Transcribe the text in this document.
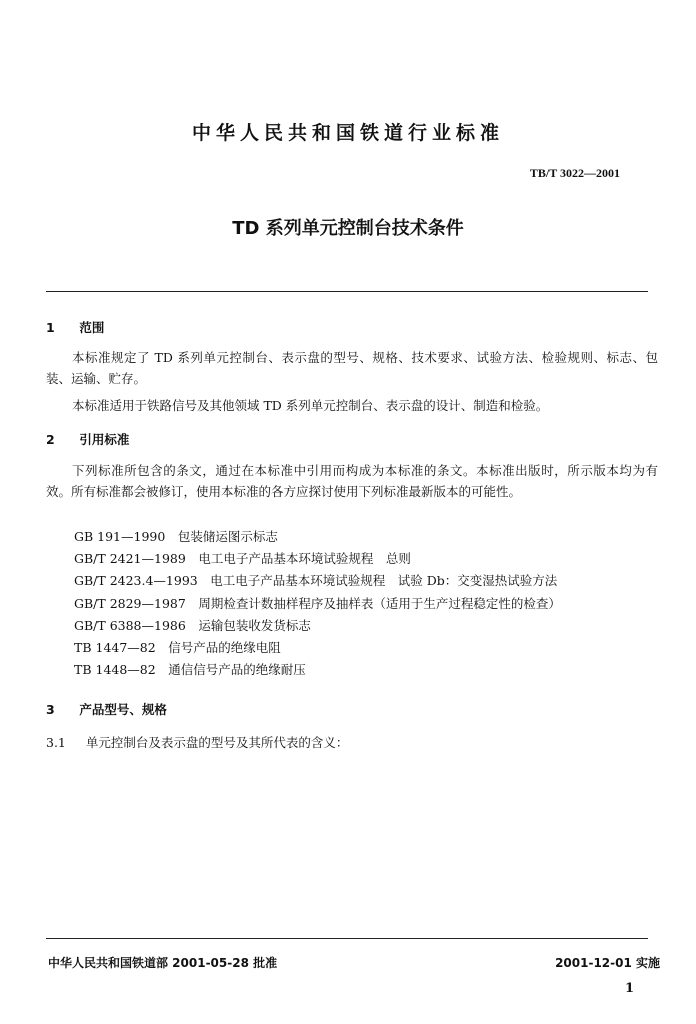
中华人民共和国铁道行业标准
TB/T 3022—2001
TD 系列单元控制台技术条件
1 范围
本标准规定了 TD 系列单元控制台、表示盘的型号、规格、技术要求、试验方法、检验规则、标志、包装、运输、贮存。
本标准适用于铁路信号及其他领域 TD 系列单元控制台、表示盘的设计、制造和检验。
2 引用标准
下列标准所包含的条文，通过在本标准中引用而构成为本标准的条文。本标准出版时，所示版本均为有效。所有标准都会被修订，使用本标准的各方应探讨使用下列标准最新版本的可能性。
GB 191—1990　包装储运图示标志
GB/T 2421—1989　电工电子产品基本环境试验规程　总则
GB/T 2423.4—1993　电工电子产品基本环境试验规程　试验 Db：交变湿热试验方法
GB/T 2829—1987　周期检查计数抽样程序及抽样表（适用于生产过程稳定性的检查）
GB/T 6388—1986　运输包装收发货标志
TB 1447—82　信号产品的绝缘电阻
TB 1448—82　通信信号产品的绝缘耐压
3 产品型号、规格
3.1 单元控制台及表示盘的型号及其所代表的含义：
中华人民共和国铁道部 2001-05-28 批准	2001-12-01 实施
1
